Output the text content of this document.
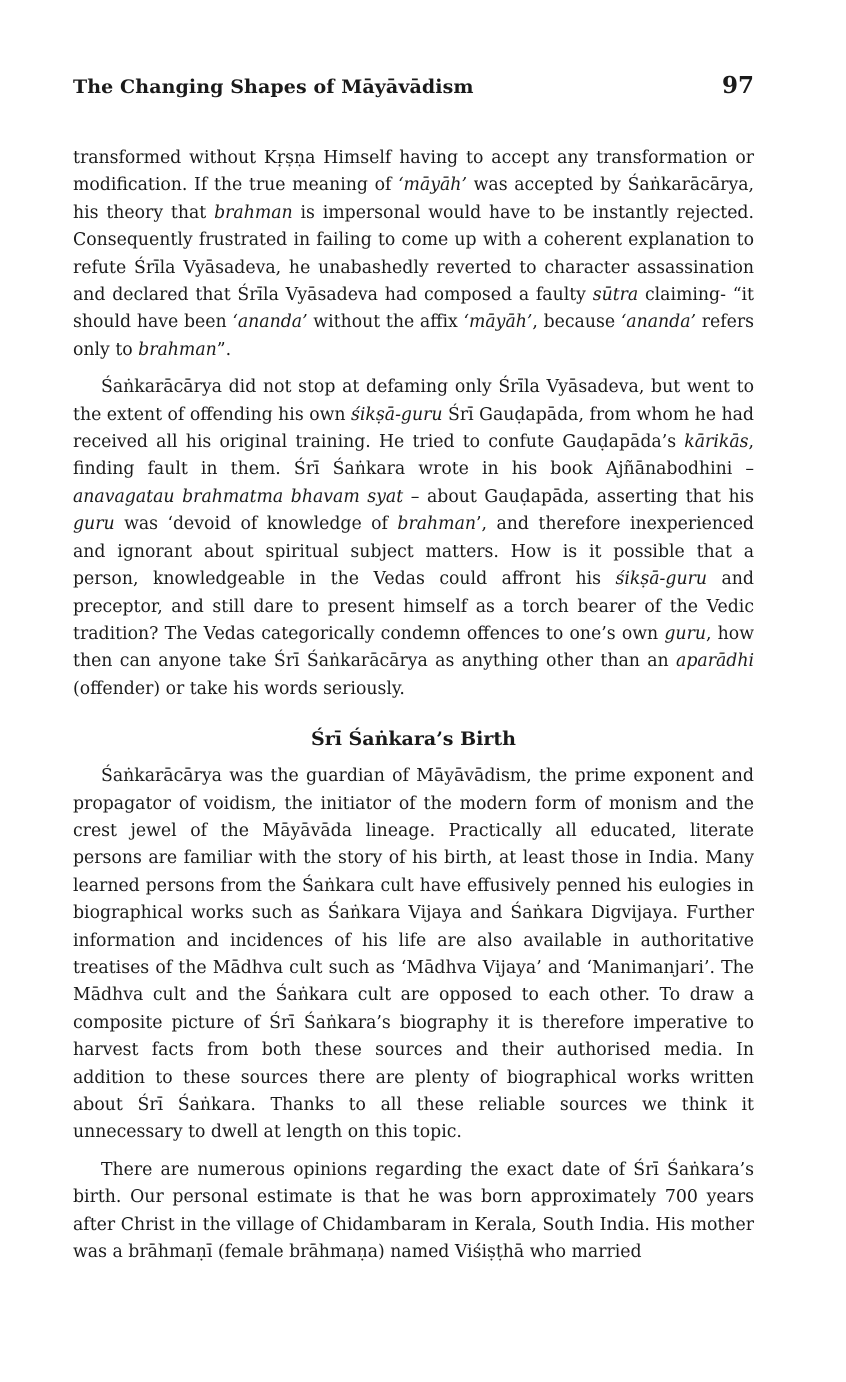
The Changing Shapes of Māyāvādism	97

transformed without Kṛṣṇa Himself having to accept any transformation or modification. If the true meaning of ‘māyāh’ was accepted by Śaṅkarācārya, his theory that brahman is impersonal would have to be instantly rejected. Consequently frustrated in failing to come up with a coherent explanation to refute Śrīla Vyāsadeva, he unabashedly reverted to character assassination and declared that Śrīla Vyāsadeva had composed a faulty sūtra claiming- “it should have been ‘ananda’ without the affix ‘māyāh’, because ‘ananda’ refers only to brahman”.

Śaṅkarācārya did not stop at defaming only Śrīla Vyāsadeva, but went to the extent of offending his own śikṣā-guru Śrī Gauḍapāda, from whom he had received all his original training. He tried to confute Gauḍapāda’s kārikās, finding fault in them. Śrī Śaṅkara wrote in his book Ajñānabodhini – anavagatau brahmatma bhavam syat – about Gauḍapāda, asserting that his guru was ‘devoid of knowledge of brahman’, and therefore inexperienced and ignorant about spiritual subject matters. How is it possible that a person, knowledgeable in the Vedas could affront his śikṣā-guru and preceptor, and still dare to present himself as a torch bearer of the Vedic tradition? The Vedas categorically condemn offences to one’s own guru, how then can anyone take Śrī Śaṅkarācārya as anything other than an aparādhi (offender) or take his words seriously.

Śrī Śaṅkara’s Birth

Śaṅkarācārya was the guardian of Māyāvādism, the prime exponent and propagator of voidism, the initiator of the modern form of monism and the crest jewel of the Māyāvāda lineage. Practically all educated, literate persons are familiar with the story of his birth, at least those in India. Many learned persons from the Śaṅkara cult have effusively penned his eulogies in biographical works such as Śaṅkara Vijaya and Śaṅkara Digvijaya. Further information and incidences of his life are also available in authoritative treatises of the Mādhva cult such as ‘Mādhva Vijaya’ and ‘Manimanjari’. The Mādhva cult and the Śaṅkara cult are opposed to each other. To draw a composite picture of Śrī Śaṅkara’s biography it is therefore imperative to harvest facts from both these sources and their authorised media. In addition to these sources there are plenty of biographical works written about Śrī Śaṅkara. Thanks to all these reliable sources we think it unnecessary to dwell at length on this topic.

There are numerous opinions regarding the exact date of Śrī Śaṅkara’s birth. Our personal estimate is that he was born approximately 700 years after Christ in the village of Chidambaram in Kerala, South India. His mother was a brāhmaṇī (female brāhmaṇa) named Viśiṣṭhā who married
